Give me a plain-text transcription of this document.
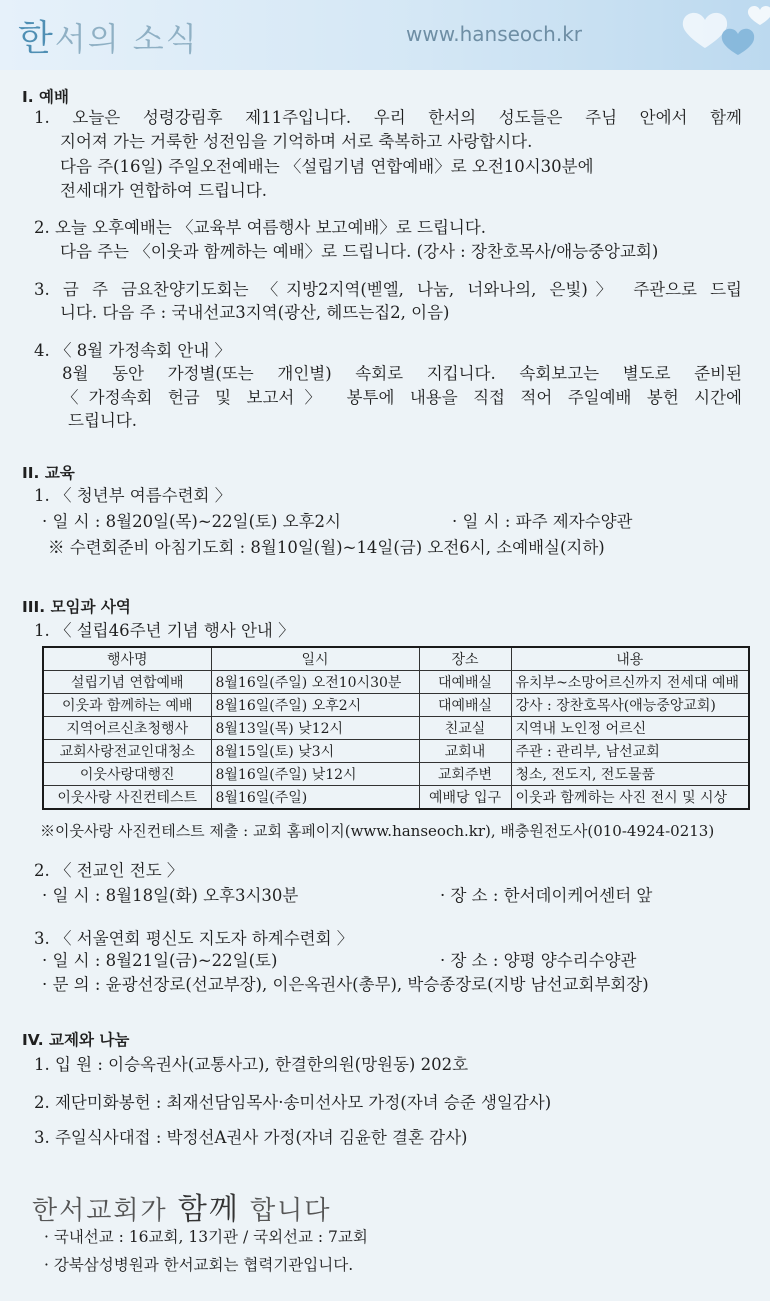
한서의 소식	www.hanseoch.kr
I. 예배
1. 오늘은 성령강림후 제11주입니다. 우리 한서의 성도들은 주님 안에서 함께
지어져 가는 거룩한 성전임을 기억하며 서로 축복하고 사랑합시다.
다음 주(16일) 주일오전예배는 〈설립기념 연합예배〉로 오전10시30분에
전세대가 연합하여 드립니다.
2. 오늘 오후예배는 〈교육부 여름행사 보고예배〉로 드립니다.
다음 주는 〈이웃과 함께하는 예배〉로 드립니다. (강사 : 장찬호목사/애능중앙교회)
3. 금 주 금요찬양기도회는 〈지방2지역(벧엘, 나눔, 너와나의, 은빛)〉 주관으로 드립
니다. 다음 주 : 국내선교3지역(광산, 헤뜨는집2, 이음)
4. 〈 8월 가정속회 안내 〉
8월 동안 가정별(또는 개인별) 속회로 지킵니다. 속회보고는 별도로 준비된
〈가정속회 헌금 및 보고서〉 봉투에 내용을 직접 적어 주일예배 봉헌 시간에
드립니다.
II. 교육
1. 〈 청년부 여름수련회 〉
· 일 시 : 8월20일(목)~22일(토) 오후2시	· 일 시 : 파주 제자수양관
※ 수련회준비 아침기도회 : 8월10일(월)~14일(금) 오전6시, 소예배실(지하)
III. 모임과 사역
1. 〈 설립46주년 기념 행사 안내 〉
행사명	일시	장소	내용
설립기념 연합예배	8월16일(주일) 오전10시30분	대예배실	유치부~소망어르신까지 전세대 예배
이웃과 함께하는 예배	8월16일(주일) 오후2시	대예배실	강사 : 장찬호목사(애능중앙교회)
지역어르신초청행사	8월13일(목) 낮12시	친교실	지역내 노인정 어르신
교회사랑전교인대청소	8월15일(토) 낮3시	교회내	주관 : 관리부, 남선교회
이웃사랑대행진	8월16일(주일) 낮12시	교회주변	청소, 전도지, 전도물품
이웃사랑 사진컨테스트	8월16일(주일)	예배당 입구	이웃과 함께하는 사진 전시 및 시상
※이웃사랑 사진컨테스트 제출 : 교회 홈페이지(www.hanseoch.kr), 배충원전도사(010-4924-0213)
2. 〈 전교인 전도 〉
· 일 시 : 8월18일(화) 오후3시30분	· 장 소 : 한서데이케어센터 앞
3. 〈 서울연회 평신도 지도자 하계수련회 〉
· 일 시 : 8월21일(금)~22일(토)	· 장 소 : 양평 양수리수양관
· 문 의 : 윤광선장로(선교부장), 이은옥권사(총무), 박승종장로(지방 남선교회부회장)
IV. 교제와 나눔
1. 입 원 : 이승옥권사(교통사고), 한결한의원(망원동) 202호
2. 제단미화봉헌 : 최재선담임목사·송미선사모 가정(자녀 승준 생일감사)
3. 주일식사대접 : 박정선A권사 가정(자녀 김윤한 결혼 감사)
한서교회가 함께 합니다
· 국내선교 : 16교회, 13기관 / 국외선교 : 7교회
· 강북삼성병원과 한서교회는 협력기관입니다.
